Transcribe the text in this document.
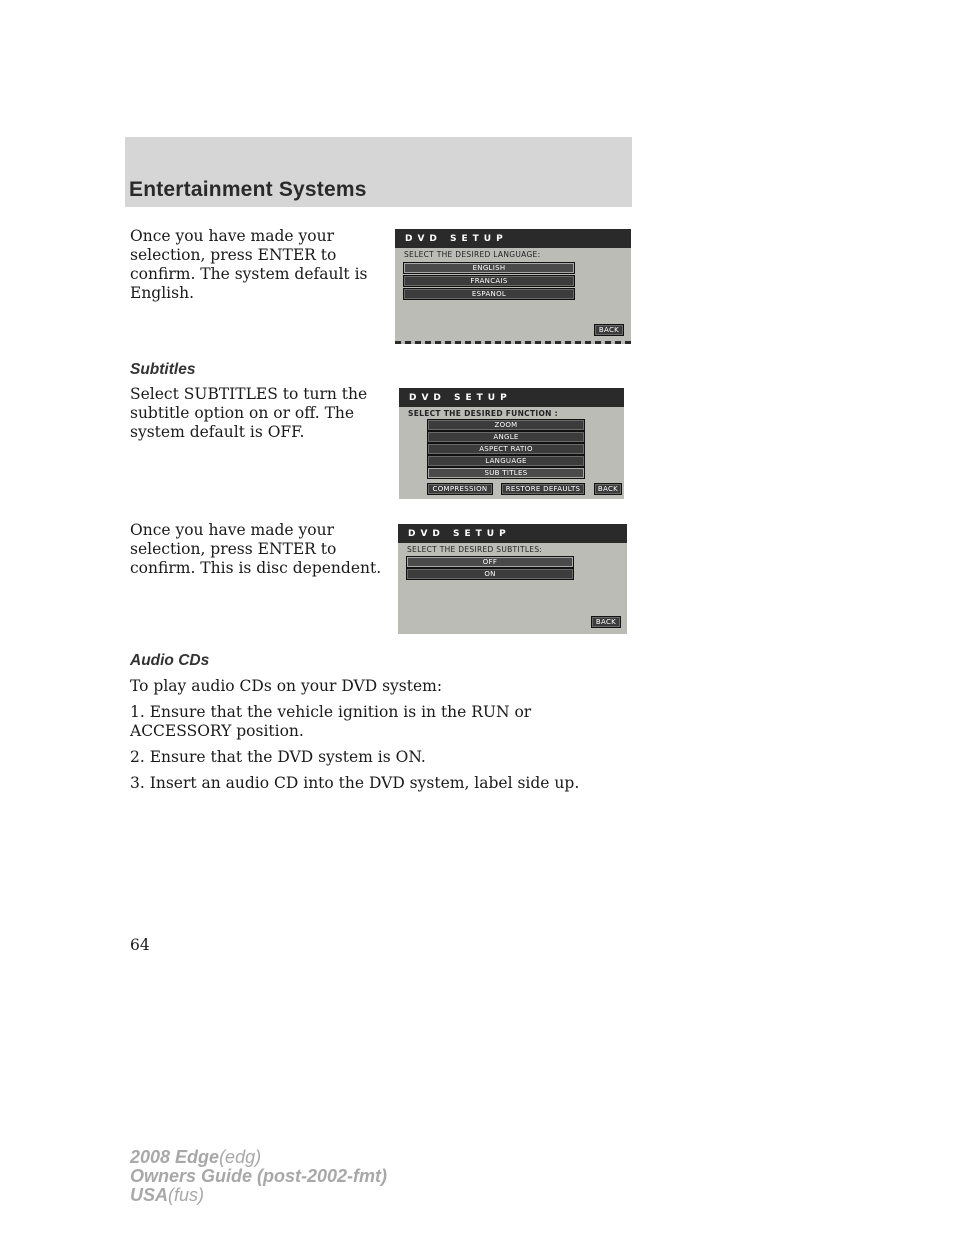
Entertainment Systems

Once you have made your selection, press ENTER to confirm. The system default is English.

DVD SETUP
SELECT THE DESIRED LANGUAGE:
ENGLISH
FRANCAIS
ESPANOL
BACK
Subtitles

Select SUBTITLES to turn the subtitle option on or off. The system default is OFF.

DVD SETUP
SELECT THE DESIRED FUNCTION :
ZOOM
ANGLE
ASPECT RATIO
LANGUAGE
SUB TITLES
COMPRESSION	RESTORE DEFAULTS	BACK

Once you have made your selection, press ENTER to confirm. This is disc dependent.

DVD SETUP
SELECT THE DESIRED SUBTITLES:
OFF
ON
BACK
Audio CDs

To play audio CDs on your DVD system:

1. Ensure that the vehicle ignition is in the RUN or ACCESSORY position.

2. Ensure that the DVD system is ON.

3. Insert an audio CD into the DVD system, label side up.

64
2008 Edge(edg)
Owners Guide (post-2002-fmt)
USA(fus)
